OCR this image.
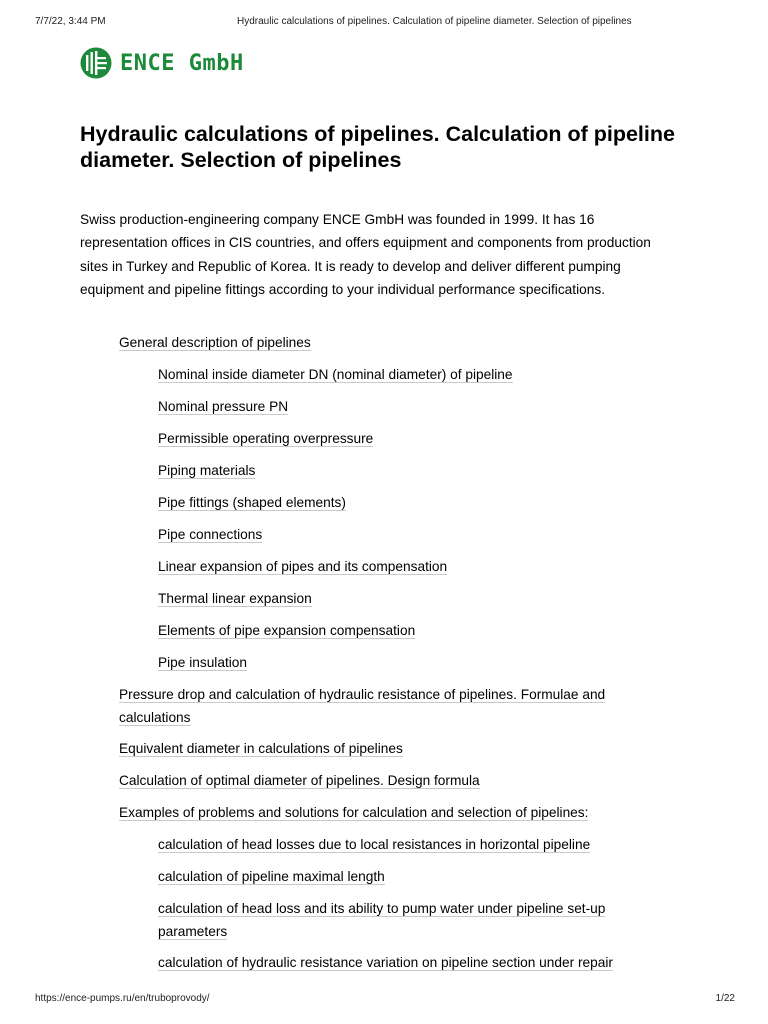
7/7/22, 3:44 PM	Hydraulic calculations of pipelines. Calculation of pipeline diameter. Selection of pipelines
ENCE GmbH
Hydraulic calculations of pipelines. Calculation of pipeline diameter. Selection of pipelines

Swiss production-engineering company ENCE GmbH was founded in 1999. It has 16 representation offices in CIS countries, and offers equipment and components from production sites in Turkey and Republic of Korea. It is ready to develop and deliver different pumping equipment and pipeline fittings according to your individual performance specifications.

General description of pipelines
Nominal inside diameter DN (nominal diameter) of pipeline
Nominal pressure PN
Permissible operating overpressure
Piping materials
Pipe fittings (shaped elements)
Pipe connections
Linear expansion of pipes and its compensation
Thermal linear expansion
Elements of pipe expansion compensation
Pipe insulation
Pressure drop and calculation of hydraulic resistance of pipelines. Formulae and calculations
Equivalent diameter in calculations of pipelines
Calculation of optimal diameter of pipelines. Design formula
Examples of problems and solutions for calculation and selection of pipelines:
calculation of head losses due to local resistances in horizontal pipeline
calculation of pipeline maximal length
calculation of head loss and its ability to pump water under pipeline set-up parameters
calculation of hydraulic resistance variation on pipeline section under repair
https://ence-pumps.ru/en/truboprovody/	1/22
